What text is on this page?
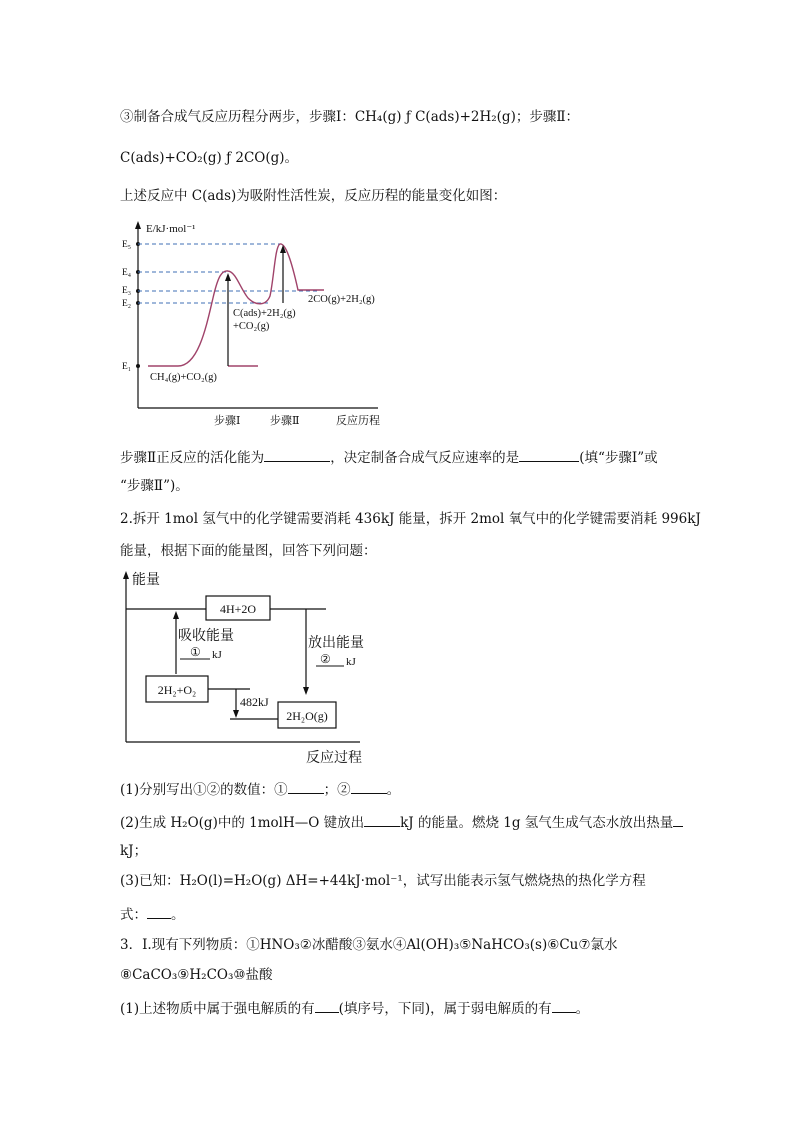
③制备合成气反应历程分两步，步骤Ⅰ：CH₄(g) ƒ C(ads)+2H₂(g)；步骤Ⅱ：
C(ads)+CO₂(g) ƒ 2CO(g)。
上述反应中 C(ads)为吸附性活性炭，反应历程的能量变化如图：
E/kJ·mol⁻¹
E₅
E₄
E₃
E₂
E₁
CH₄(g)+CO₂(g)
C(ads)+2H₂(g)
+CO₂(g)
2CO(g)+2H₂(g)
步骤Ⅰ	步骤Ⅱ	反应历程
步骤Ⅱ正反应的活化能为	，决定制备合成气反应速率的是	(填“步骤Ⅰ”或
“步骤Ⅱ”)。
2.拆开 1mol 氢气中的化学键需要消耗 436kJ 能量，拆开 2mol 氧气中的化学键需要消耗 996kJ
能量，根据下面的能量图，回答下列问题：
能量
4H+2O
吸收能量
① kJ
放出能量
② kJ
2H₂+O₂
482kJ
2H₂O(g)
反应过程
(1)分别写出①②的数值：①	；②	。
(2)生成 H₂O(g)中的 1molH—O 键放出	kJ 的能量。燃烧 1g 氢气生成气态水放出热量
kJ；
(3)已知：H₂O(l)=H₂O(g) ΔH=+44kJ·mol⁻¹，试写出能表示氢气燃烧热的热化学方程
式： 。
3．I.现有下列物质：①HNO₃②冰醋酸③氨水④Al(OH)₃⑤NaHCO₃(s)⑥Cu⑦氯水
⑧CaCO₃⑨H₂CO₃⑩盐酸
(1)上述物质中属于强电解质的有 (填序号，下同)，属于弱电解质的有 。
